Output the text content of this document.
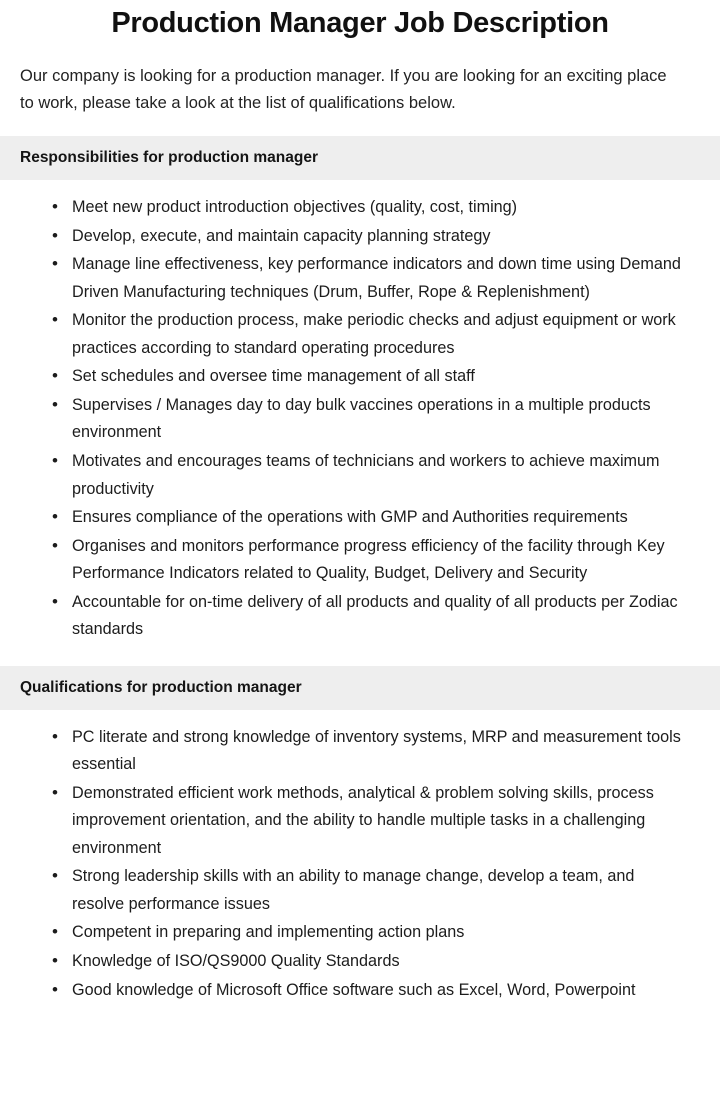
Production Manager Job Description

Our company is looking for a production manager. If you are looking for an exciting place to work, please take a look at the list of qualifications below.

Responsibilities for production manager
• Meet new product introduction objectives (quality, cost, timing)
• Develop, execute, and maintain capacity planning strategy
• Manage line effectiveness, key performance indicators and down time using Demand Driven Manufacturing techniques (Drum, Buffer, Rope & Replenishment)
• Monitor the production process, make periodic checks and adjust equipment or work practices according to standard operating procedures
• Set schedules and oversee time management of all staff
• Supervises / Manages day to day bulk vaccines operations in a multiple products environment
• Motivates and encourages teams of technicians and workers to achieve maximum productivity
• Ensures compliance of the operations with GMP and Authorities requirements
• Organises and monitors performance progress efficiency of the facility through Key Performance Indicators related to Quality, Budget, Delivery and Security
• Accountable for on-time delivery of all products and quality of all products per Zodiac standards
Qualifications for production manager
• PC literate and strong knowledge of inventory systems, MRP and measurement tools essential
• Demonstrated efficient work methods, analytical & problem solving skills, process improvement orientation, and the ability to handle multiple tasks in a challenging environment
• Strong leadership skills with an ability to manage change, develop a team, and resolve performance issues
• Competent in preparing and implementing action plans
• Knowledge of ISO/QS9000 Quality Standards
• Good knowledge of Microsoft Office software such as Excel, Word, Powerpoint
